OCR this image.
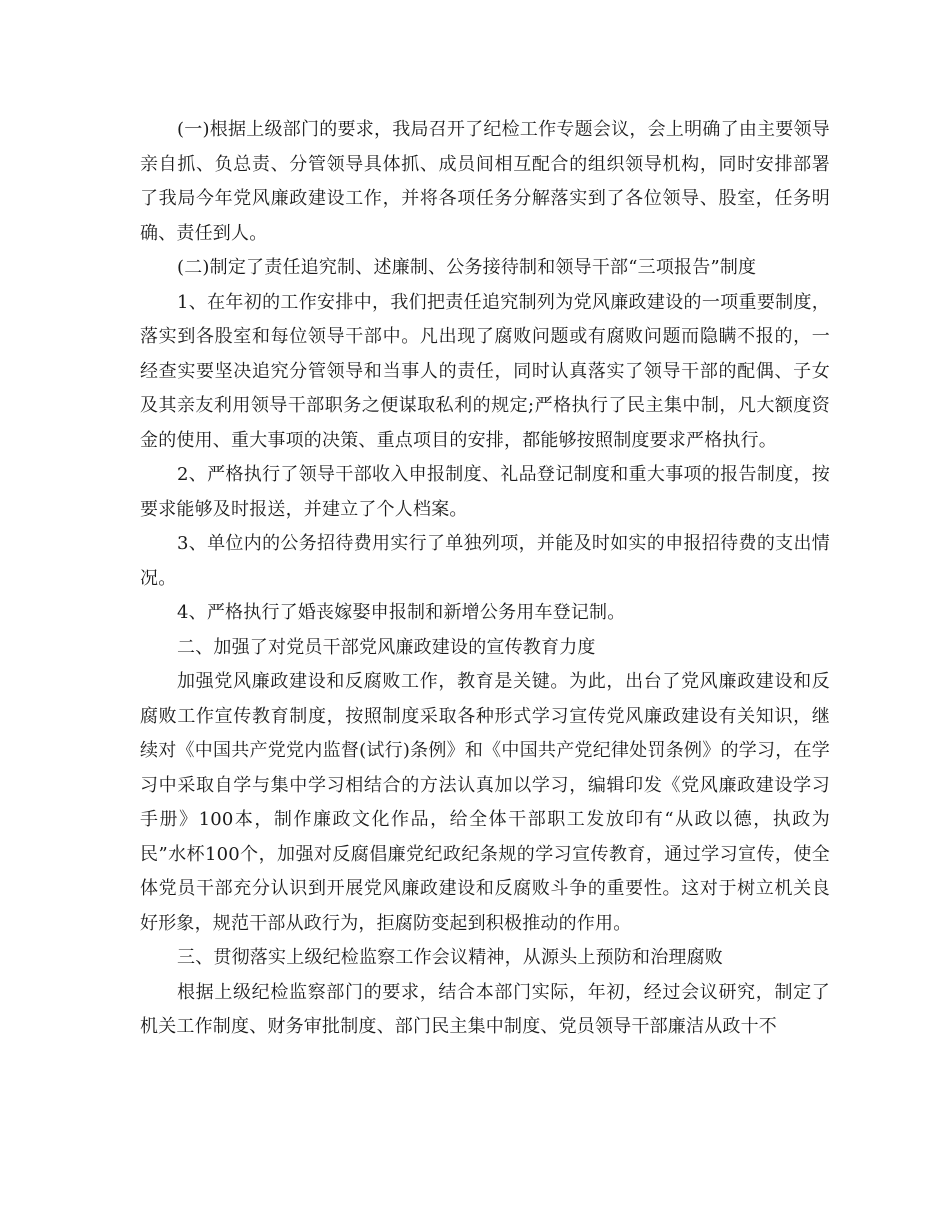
(一)根据上级部门的要求，我局召开了纪检工作专题会议，会上明确了由主要领导亲自抓、负总责、分管领导具体抓、成员间相互配合的组织领导机构，同时安排部署了我局今年党风廉政建设工作，并将各项任务分解落实到了各位领导、股室，任务明确、责任到人。

(二)制定了责任追究制、述廉制、公务接待制和领导干部“三项报告”制度

1、在年初的工作安排中，我们把责任追究制列为党风廉政建设的一项重要制度，落实到各股室和每位领导干部中。凡出现了腐败问题或有腐败问题而隐瞒不报的，一经查实要坚决追究分管领导和当事人的责任，同时认真落实了领导干部的配偶、子女及其亲友利用领导干部职务之便谋取私利的规定;严格执行了民主集中制，凡大额度资金的使用、重大事项的决策、重点项目的安排，都能够按照制度要求严格执行。

2、严格执行了领导干部收入申报制度、礼品登记制度和重大事项的报告制度，按要求能够及时报送，并建立了个人档案。

3、单位内的公务招待费用实行了单独列项，并能及时如实的申报招待费的支出情况。

4、严格执行了婚丧嫁娶申报制和新增公务用车登记制。

二、加强了对党员干部党风廉政建设的宣传教育力度

加强党风廉政建设和反腐败工作，教育是关键。为此，出台了党风廉政建设和反腐败工作宣传教育制度，按照制度采取各种形式学习宣传党风廉政建设有关知识，继续对《中国共产党党内监督(试行)条例》和《中国共产党纪律处罚条例》的学习，在学习中采取自学与集中学习相结合的方法认真加以学习，编辑印发《党风廉政建设学习手册》100本，制作廉政文化作品，给全体干部职工发放印有“从政以德，执政为民”水杯100个，加强对反腐倡廉党纪政纪条规的学习宣传教育，通过学习宣传，使全体党员干部充分认识到开展党风廉政建设和反腐败斗争的重要性。这对于树立机关良好形象，规范干部从政行为，拒腐防变起到积极推动的作用。

三、贯彻落实上级纪检监察工作会议精神，从源头上预防和治理腐败

根据上级纪检监察部门的要求，结合本部门实际，年初，经过会议研究，制定了机关工作制度、财务审批制度、部门民主集中制度、党员领导干部廉洁从政十不
